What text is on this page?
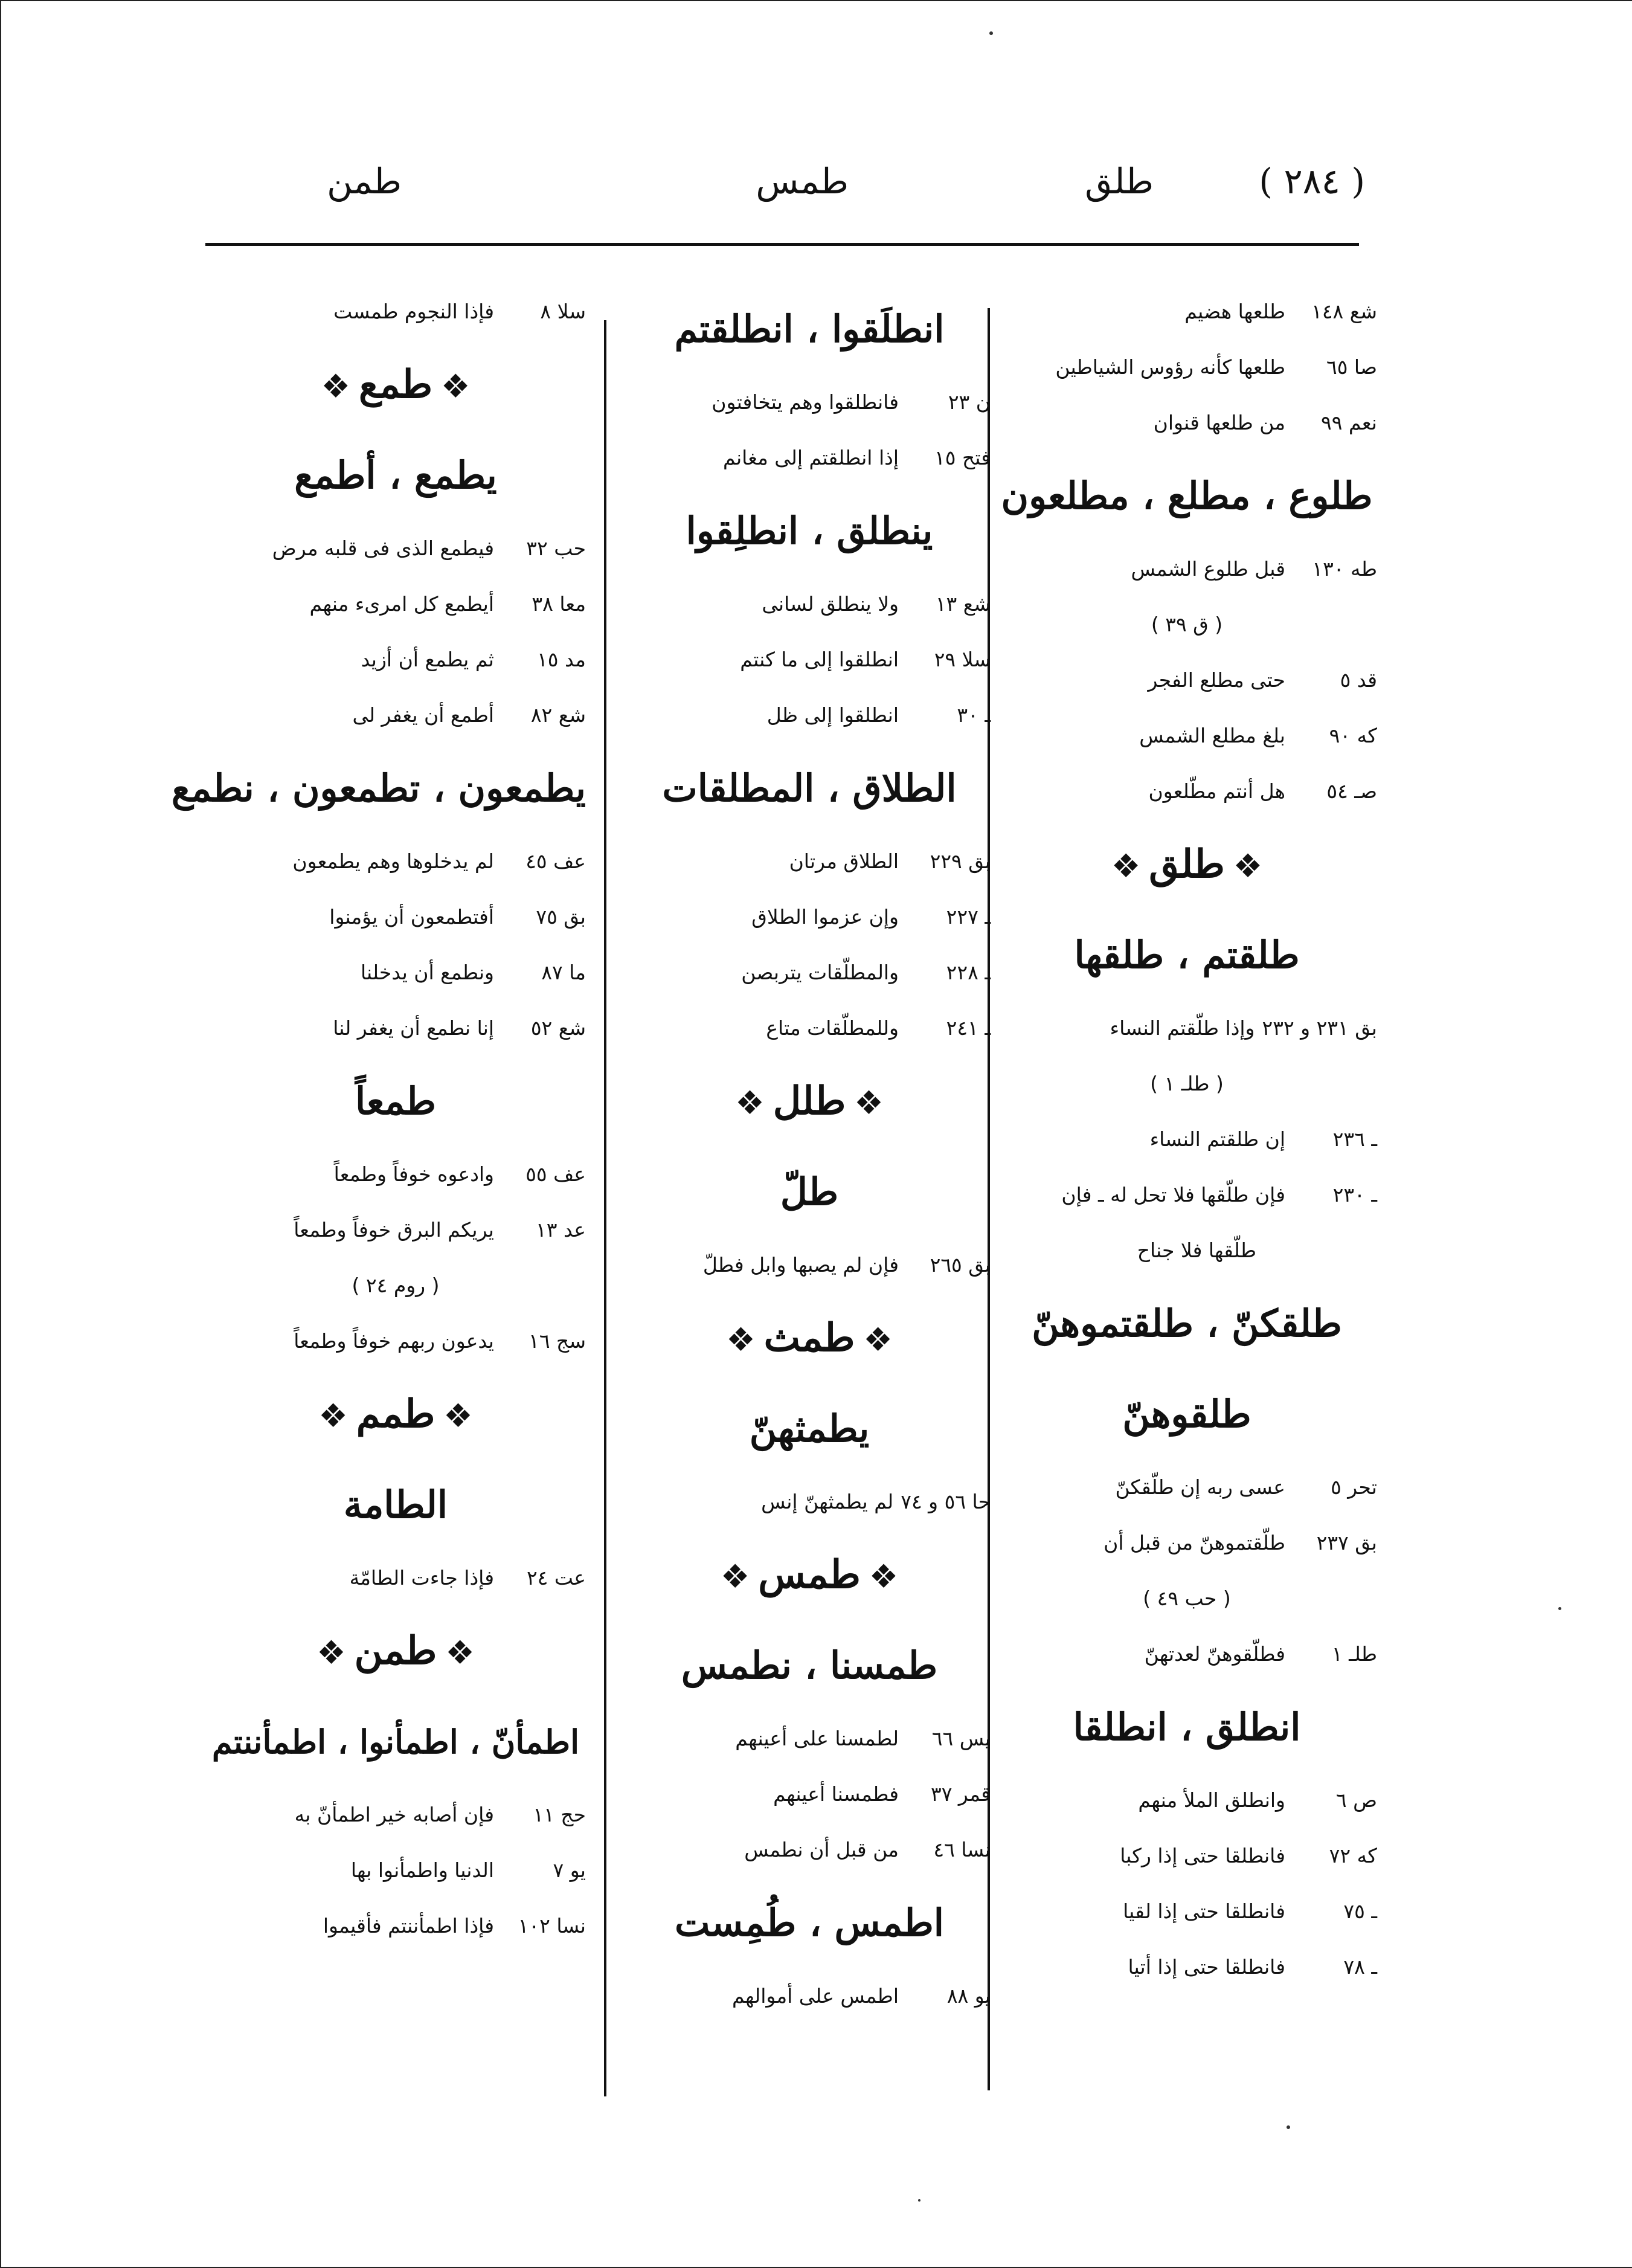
( ٢٨٤ )
طلق
طمس
طمن
شع ١٤٨طلعها هضيم
صا ٦٥طلعها كأنه رؤوس الشياطين
نعم ٩٩من طلعها قنوان
طلوع ، مطلع ، مطلعون
طه ١٣٠قبل طلوع الشمس
( ق ٣٩ )
قد ٥حتى مطلع الفجر
كه ٩٠بلغ مطلع الشمس
صـ ٥٤هل أنتم مطّلعون
❖طلق❖
طلقتم ، طلقها
بق ٢٣١ و ٢٣٢وإذا طلّقتم النساء
( طلـ ١ )
ـ ٢٣٦إن طلقتم النساء
ـ ٢٣٠فإن طلّقها فلا تحل له ـ فإن
طلّقها فلا جناح
طلقكنّ ، طلقتموهنّ
طلقوهنّ
تحر ٥عسى ربه إن طلّقكنّ
بق ٢٣٧طلّقتموهنّ من قبل أن
( حب ٤٩ )
طلـ ١فطلّقوهنّ لعدتهنّ
انطلق ، انطلقا
ص ٦وانطلق الملأ منهم
كه ٧٢فانطلقا حتى إذا ركبا
ـ ٧٥فانطلقا حتى إذا لقيا
ـ ٧٨فانطلقا حتى إذا أتيا
انطلَقوا ، انطلقتم
ن ٢٣فانطلقوا وهم يتخافتون
فتح ١٥إذا انطلقتم إلى مغانم
ينطلق ، انطلِقوا
شع ١٣ولا ينطلق لسانى
سلا ٢٩انطلقوا إلى ما كنتم
ـ ٣٠انطلقوا إلى ظل
الطلاق ، المطلقات
بق ٢٢٩الطلاق مرتان
ـ ٢٢٧وإن عزموا الطلاق
ـ ٢٢٨والمطلّقات يتربصن
ـ ٢٤١وللمطلّقات متاع
❖طلل❖
طلّ
بق ٢٦٥فإن لم يصبها وابل فطلّ
❖طمث❖
يطمثهنّ
حا ٥٦ و ٧٤لم يطمثهنّ إنس
❖طمس❖
طمسنا ، نطمس
يس ٦٦لطمسنا على أعينهم
قمر ٣٧فطمسنا أعينهم
نسا ٤٦من قبل أن نطمس
اطمس ، طُمِست
يو ٨٨اطمس على أموالهم
سلا ٨فإذا النجوم طمست
❖طمع❖
يطمع ، أطمع
حب ٣٢فيطمع الذى فى قلبه مرض
معا ٣٨أيطمع كل امرىء منهم
مد ١٥ثم يطمع أن أزيد
شع ٨٢أطمع أن يغفر لى
يطمعون ، تطمعون ، نطمع
عف ٤٥لم يدخلوها وهم يطمعون
بق ٧٥أفتطمعون أن يؤمنوا
ما ٨٧ونطمع أن يدخلنا
شع ٥٢إنا نطمع أن يغفر لنا
طمعاً
عف ٥٥وادعوه خوفاً وطمعاً
عد ١٣يريكم البرق خوفاً وطمعاً
( روم ٢٤ )
سج ١٦يدعون ربهم خوفاً وطمعاً
❖طمم❖
الطامة
عت ٢٤فإذا جاءت الطامّة
❖طمن❖
اطمأنّ ، اطمأنوا ، اطمأننتم
حج ١١فإن أصابه خير اطمأنّ به
يو ٧الدنيا واطمأنوا بها
نسا ١٠٢فإذا اطمأننتم فأقيموا
